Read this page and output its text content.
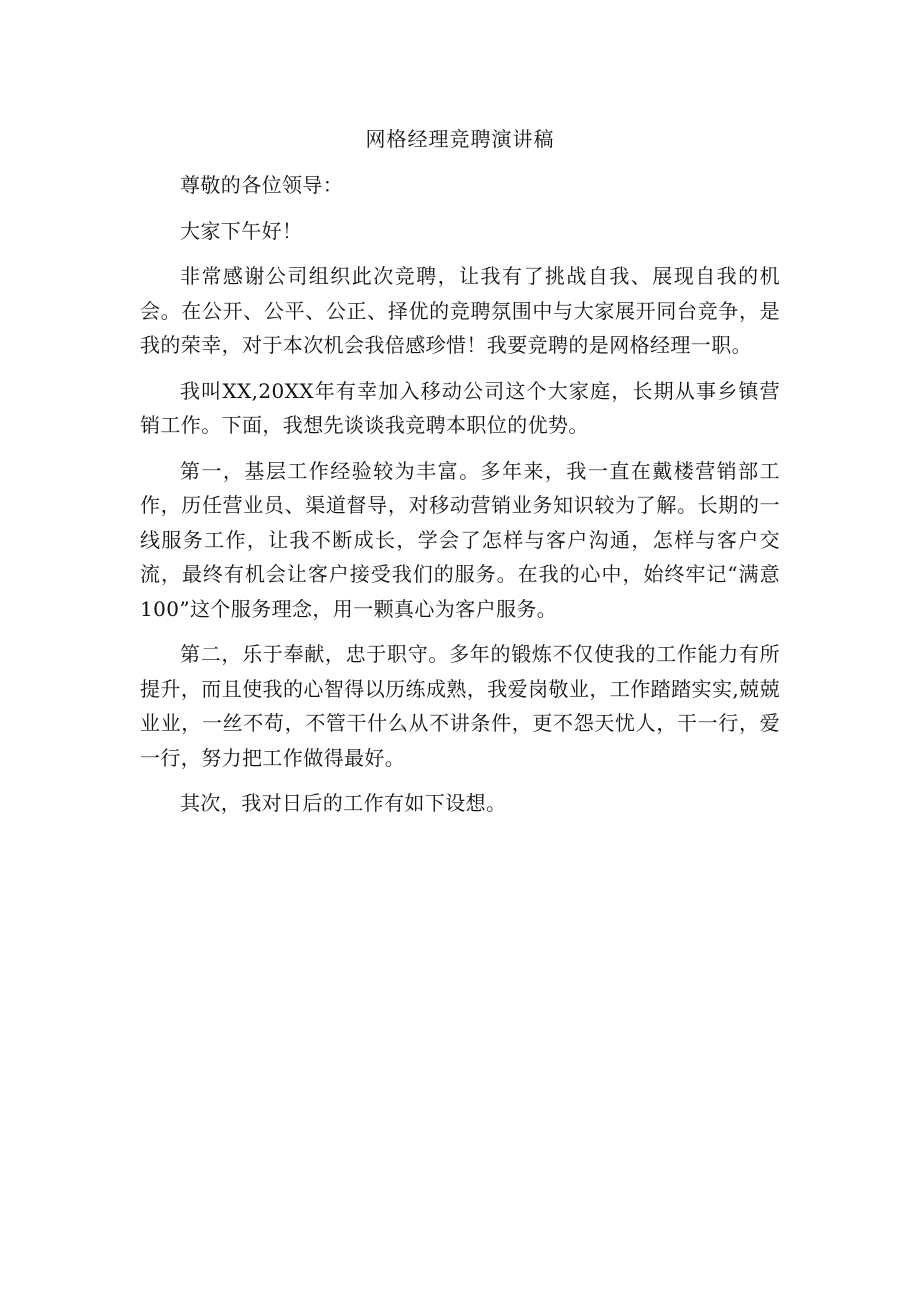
网格经理竞聘演讲稿

尊敬的各位领导：

大家下午好！

非常感谢公司组织此次竞聘，让我有了挑战自我、展现自我的机会。在公开、公平、公正、择优的竞聘氛围中与大家展开同台竞争，是我的荣幸，对于本次机会我倍感珍惜！我要竞聘的是网格经理一职。

我叫XX,20XX年有幸加入移动公司这个大家庭，长期从事乡镇营销工作。下面，我想先谈谈我竞聘本职位的优势。

第一，基层工作经验较为丰富。多年来，我一直在戴楼营销部工作，历任营业员、渠道督导，对移动营销业务知识较为了解。长期的一线服务工作，让我不断成长，学会了怎样与客户沟通，怎样与客户交流，最终有机会让客户接受我们的服务。在我的心中，始终牢记“满意100”这个服务理念，用一颗真心为客户服务。

第二，乐于奉献，忠于职守。多年的锻炼不仅使我的工作能力有所提升，而且使我的心智得以历练成熟，我爱岗敬业，工作踏踏实实,兢兢业业，一丝不苟，不管干什么从不讲条件，更不怨天忧人，干一行，爱一行，努力把工作做得最好。

其次，我对日后的工作有如下设想。
